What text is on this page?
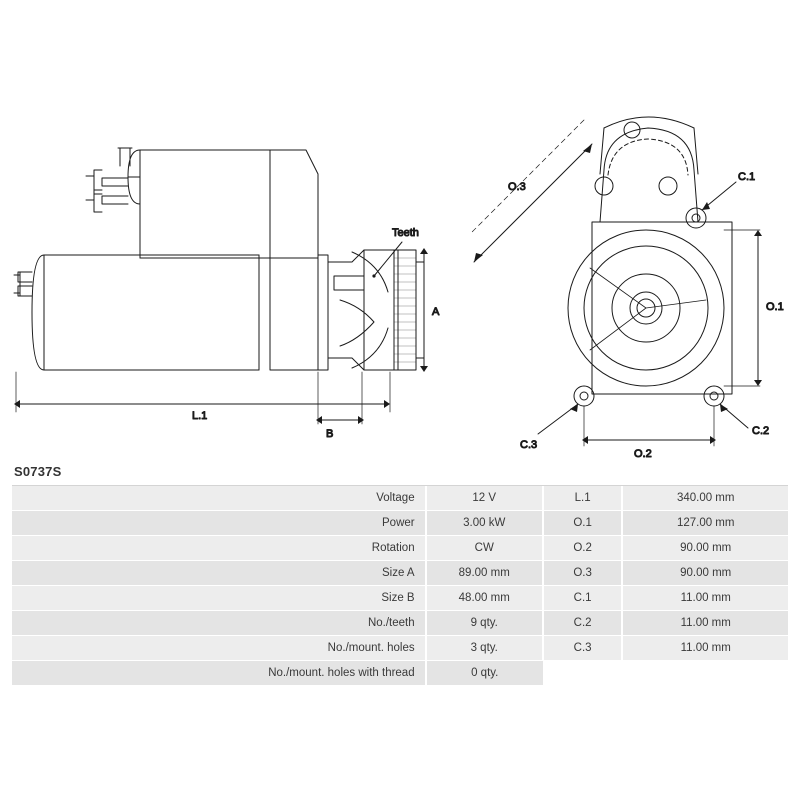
Teeth
A
L.1
B
O.3
O.1
O.2
C.1
C.2
C.3
S0737S
Voltage	12 V	L.1	340.00 mm
Power	3.00 kW	O.1	127.00 mm
Rotation	CW	O.2	90.00 mm
Size A	89.00 mm	O.3	90.00 mm
Size B	48.00 mm	C.1	11.00 mm
No./teeth	9 qty.	C.2	11.00 mm
No./mount. holes	3 qty.	C.3	11.00 mm
No./mount. holes with thread	0 qty.		
